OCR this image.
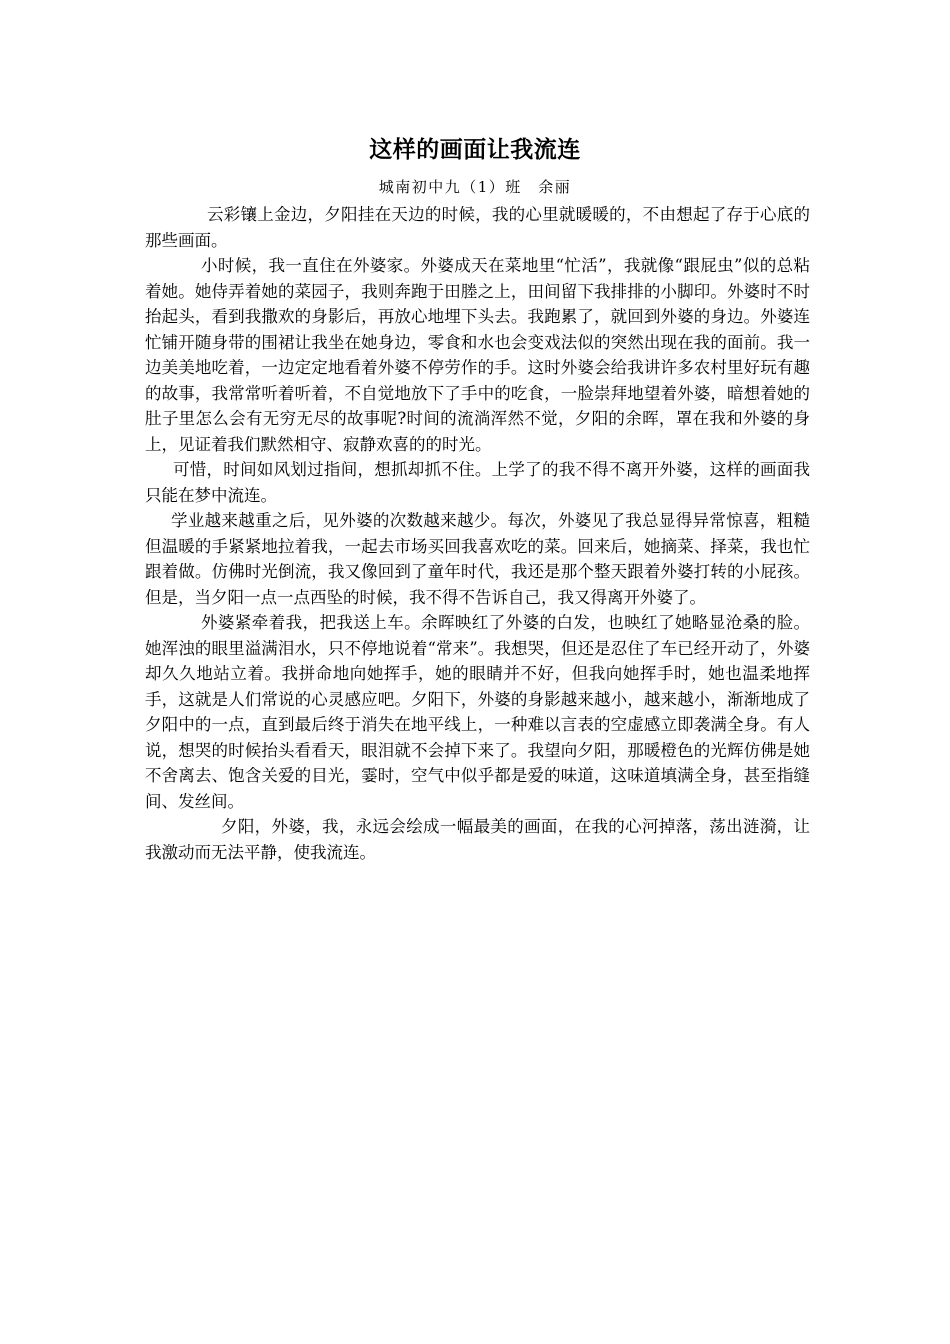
这样的画面让我流连
城南初中九（1）班　余丽

云彩镶上金边，夕阳挂在天边的时候，我的心里就暖暖的，不由想起了存于心底的那些画面。

小时候，我一直住在外婆家。外婆成天在菜地里“忙活”，我就像“跟屁虫”似的总粘着她。她侍弄着她的菜园子，我则奔跑于田塍之上，田间留下我排排的小脚印。外婆时不时抬起头，看到我撒欢的身影后，再放心地埋下头去。我跑累了，就回到外婆的身边。外婆连忙铺开随身带的围裙让我坐在她身边，零食和水也会变戏法似的突然出现在我的面前。我一边美美地吃着，一边定定地看着外婆不停劳作的手。这时外婆会给我讲许多农村里好玩有趣的故事，我常常听着听着，不自觉地放下了手中的吃食，一脸崇拜地望着外婆，暗想着她的肚子里怎么会有无穷无尽的故事呢?时间的流淌浑然不觉，夕阳的余晖，罩在我和外婆的身上，见证着我们默然相守、寂静欢喜的的时光。

可惜，时间如风划过指间，想抓却抓不住。上学了的我不得不离开外婆，这样的画面我只能在梦中流连。

学业越来越重之后，见外婆的次数越来越少。每次，外婆见了我总显得异常惊喜，粗糙但温暖的手紧紧地拉着我，一起去市场买回我喜欢吃的菜。回来后，她摘菜、择菜，我也忙跟着做。仿佛时光倒流，我又像回到了童年时代，我还是那个整天跟着外婆打转的小屁孩。但是，当夕阳一点一点西坠的时候，我不得不告诉自己，我又得离开外婆了。

外婆紧牵着我，把我送上车。余晖映红了外婆的白发，也映红了她略显沧桑的脸。她浑浊的眼里溢满泪水，只不停地说着“常来”。我想哭，但还是忍住了车已经开动了，外婆却久久地站立着。我拼命地向她挥手，她的眼睛并不好，但我向她挥手时，她也温柔地挥手，这就是人们常说的心灵感应吧。夕阳下，外婆的身影越来越小，越来越小，渐渐地成了夕阳中的一点，直到最后终于消失在地平线上，一种难以言表的空虚感立即袭满全身。有人说，想哭的时候抬头看看天，眼泪就不会掉下来了。我望向夕阳，那暖橙色的光辉仿佛是她不舍离去、饱含关爱的目光，霎时，空气中似乎都是爱的味道，这味道填满全身，甚至指缝间、发丝间。

夕阳，外婆，我，永远会绘成一幅最美的画面，在我的心河掉落，荡出涟漪，让我激动而无法平静，使我流连。
